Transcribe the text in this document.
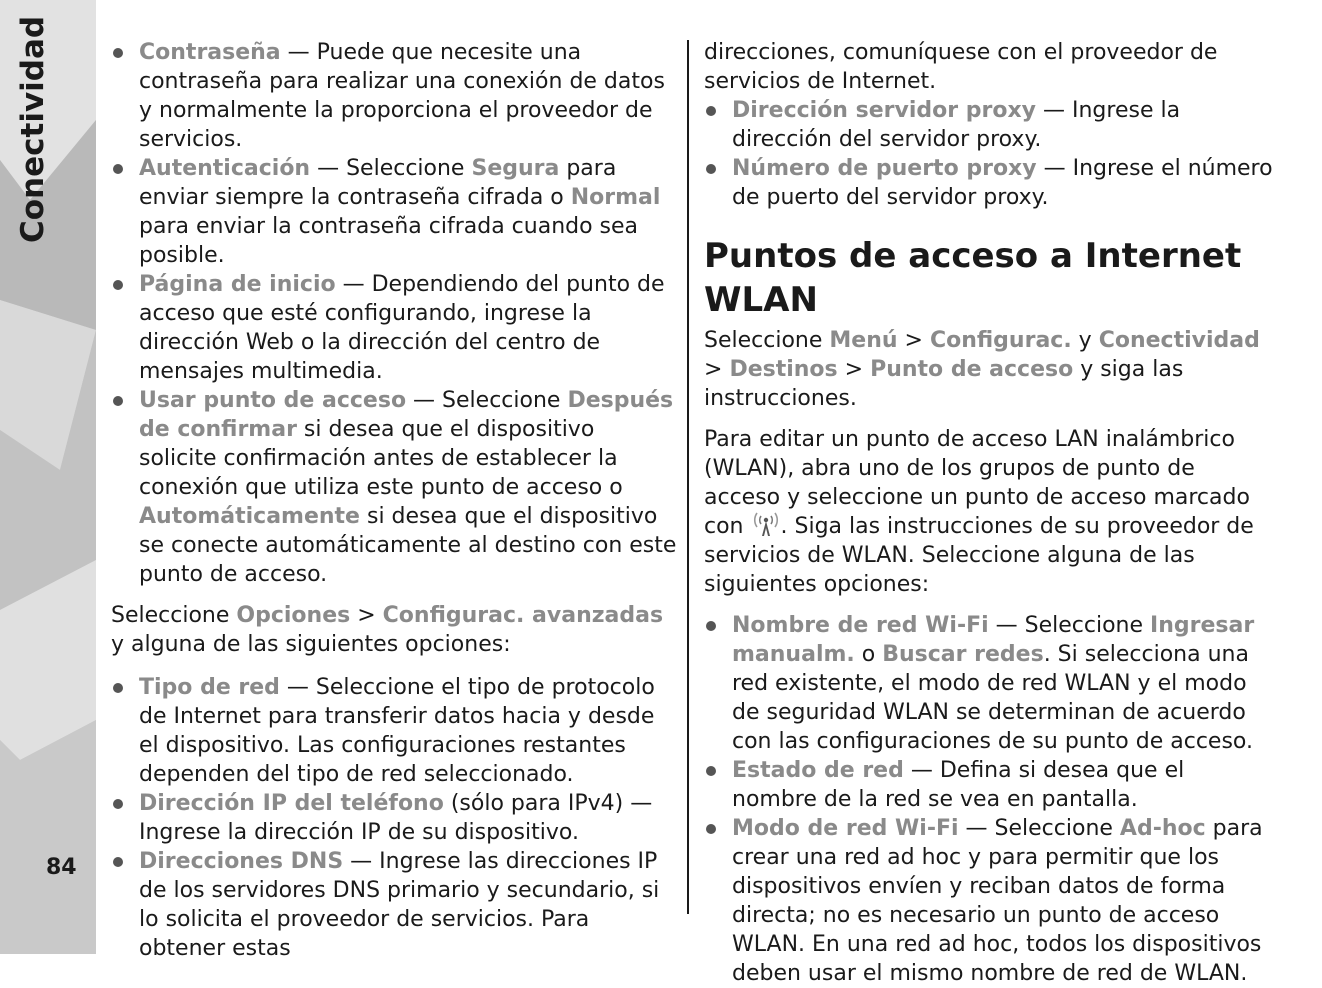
Conectividad
84
Contraseña — Puede que necesite una contraseña para realizar una conexión de datos y normalmente la proporciona el proveedor de servicios.
Autenticación — Seleccione Segura para enviar siempre la contraseña cifrada o Normal para enviar la contraseña cifrada cuando sea posible.
Página de inicio — Dependiendo del punto de acceso que esté configurando, ingrese la dirección Web o la dirección del centro de mensajes multimedia.
Usar punto de acceso — Seleccione Después de confirmar si desea que el dispositivo solicite confirmación antes de establecer la conexión que utiliza este punto de acceso o Automáticamente si desea que el dispositivo se conecte automáticamente al destino con este punto de acceso.

Seleccione Opciones > Configurac. avanzadas y alguna de las siguientes opciones:

Tipo de red — Seleccione el tipo de protocolo de Internet para transferir datos hacia y desde el dispositivo. Las configuraciones restantes dependen del tipo de red seleccionado.
Dirección IP del teléfono (sólo para IPv4) — Ingrese la dirección IP de su dispositivo.
Direcciones DNS — Ingrese las direcciones IP de los servidores DNS primario y secundario, si lo solicita el proveedor de servicios. Para obtener estas

direcciones, comuníquese con el proveedor de servicios de Internet.

Dirección servidor proxy — Ingrese la dirección del servidor proxy.
Número de puerto proxy — Ingrese el número de puerto del servidor proxy.
Puntos de acceso a Internet WLAN

Seleccione Menú > Configurac. y Conectividad > Destinos > Punto de acceso y siga las instrucciones.

Para editar un punto de acceso LAN inalámbrico (WLAN), abra uno de los grupos de punto de acceso y seleccione un punto de acceso marcado con . Siga las instrucciones de su proveedor de servicios de WLAN. Seleccione alguna de las siguientes opciones:

Nombre de red Wi-Fi — Seleccione Ingresar manualm. o Buscar redes. Si selecciona una red existente, el modo de red WLAN y el modo de seguridad WLAN se determinan de acuerdo con las configuraciones de su punto de acceso.
Estado de red — Defina si desea que el nombre de la red se vea en pantalla.
Modo de red Wi-Fi — Seleccione Ad-hoc para crear una red ad hoc y para permitir que los dispositivos envíen y reciban datos de forma directa; no es necesario un punto de acceso WLAN. En una red ad hoc, todos los dispositivos deben usar el mismo nombre de red de WLAN.
